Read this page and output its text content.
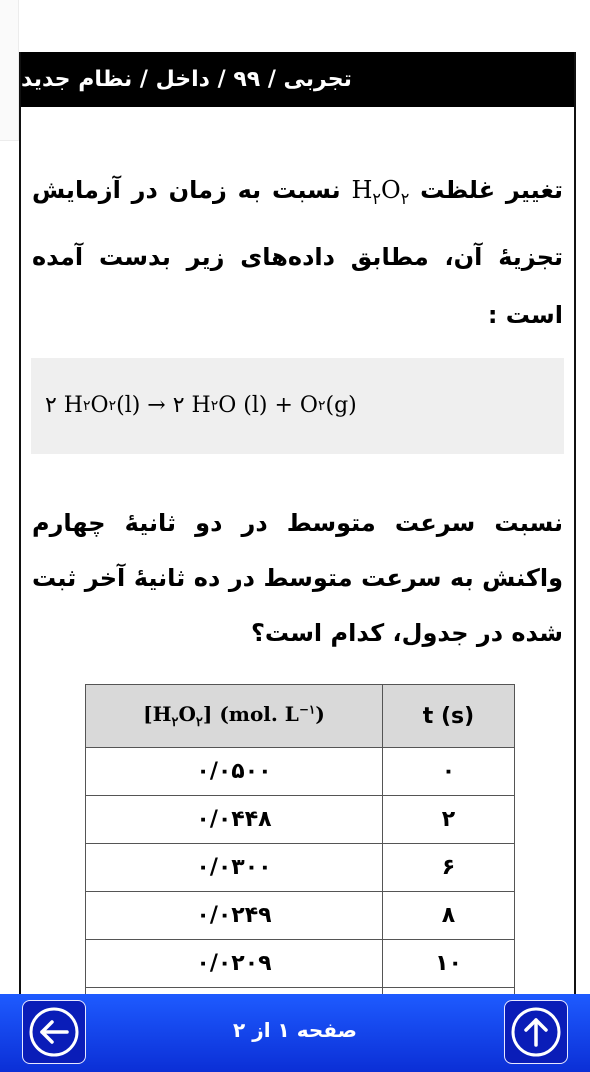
تجربی / ۹۹ / داخل / نظام جدید
تغییر غلظت $H_۲O_۲$ نسبت به زمان در آزمایش تجزیهٔ آن، مطابق داده‌های زیر بدست آمده است :
۲ H ۲ O ۲ (l) → ۲ H ۲ O (l) + O ۲ (g)
نسبت سرعت متوسط در دو ثانیهٔ چهارم واکنش به سرعت متوسط در ده ثانیهٔ آخر ثبت شده در جدول، کدام است؟
$[H_۲O_۲]$ (mol. $L^{-۱}$)	t (s)
۰/۰۵۰۰	۰
۰/۰۴۴۸	۲
۰/۰۳۰۰	۶
۰/۰۲۴۹	۸
۰/۰۲۰۹	۱۰

صفحه ۱ از ۲
